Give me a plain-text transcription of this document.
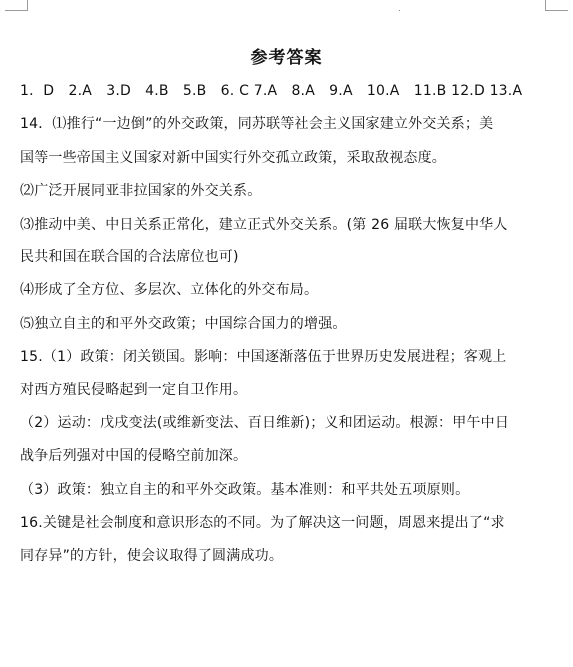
参考答案
1．D　2.A　3.D　4.B　5.B　6. C 7.A　8.A　9.A　10.A　11.B 12.D 13.A
14．⑴推行“一边倒”的外交政策，同苏联等社会主义国家建立外交关系；美
国等一些帝国主义国家对新中国实行外交孤立政策，采取敌视态度。
⑵广泛开展同亚非拉国家的外交关系。
⑶推动中美、中日关系正常化，建立正式外交关系。(第 26 届联大恢复中华人
民共和国在联合国的合法席位也可)
⑷形成了全方位、多层次、立体化的外交布局。
⑸独立自主的和平外交政策；中国综合国力的增强。
15.（1）政策：闭关锁国。影响：中国逐渐落伍于世界历史发展进程；客观上
对西方殖民侵略起到一定自卫作用。
（2）运动：戊戌变法(或维新变法、百日维新)；义和团运动。根源：甲午中日
战争后列强对中国的侵略空前加深。
（3）政策：独立自主的和平外交政策。基本准则：和平共处五项原则。
16.关键是社会制度和意识形态的不同。为了解决这一问题，周恩来提出了“求
同存异”的方针，使会议取得了圆满成功。
